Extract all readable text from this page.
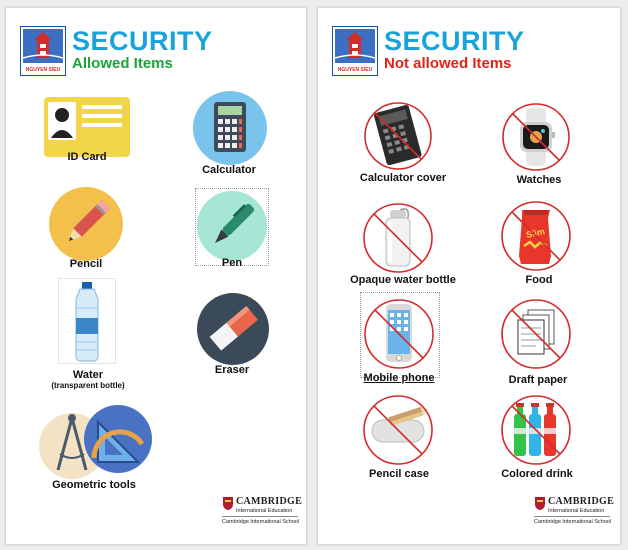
NGUYEN SIEU
SECURITY
Allowed Items
ID Card
Calculator
Pencil	Pen
Water
(transparent bottle)
Eraser
Geometric tools
CAMBRIDGE
International Education
Cambridge International School
NGUYEN SIEU
SECURITY
Not allowed Items
Calculator cover	Watches
Opaque water bottle
Slim
Food
Mobile phone	Draft paper
Pencil case	Colored drink
CAMBRIDGE
International Education
Cambridge International School
